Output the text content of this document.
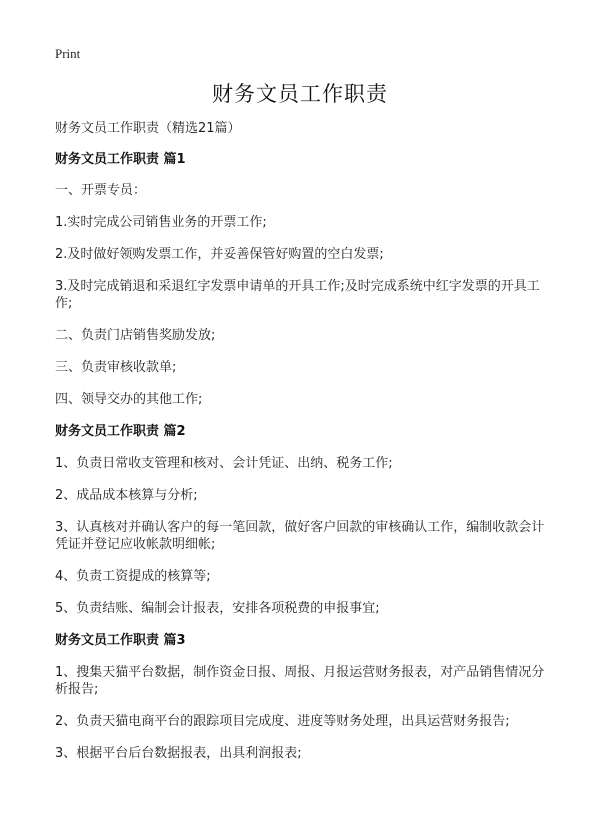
Print
财务文员工作职责

财务文员工作职责（精选21篇）

财务文员工作职责 篇1

一、开票专员：

1.实时完成公司销售业务的开票工作;

2.及时做好领购发票工作，并妥善保管好购置的空白发票;

3.及时完成销退和采退红字发票申请单的开具工作;及时完成系统中红字发票的开具工作;

二、负责门店销售奖励发放;

三、负责审核收款单;

四、领导交办的其他工作;

财务文员工作职责 篇2

1、负责日常收支管理和核对、会计凭证、出纳、税务工作;

2、成品成本核算与分析;

3、认真核对并确认客户的每一笔回款，做好客户回款的审核确认工作，编制收款会计凭证并登记应收帐款明细帐;

4、负责工资提成的核算等;

5、负责结账、编制会计报表，安排各项税费的申报事宜;

财务文员工作职责 篇3

1、搜集天猫平台数据，制作资金日报、周报、月报运营财务报表，对产品销售情况分析报告;

2、负责天猫电商平台的跟踪项目完成度、进度等财务处理，出具运营财务报告;

3、根据平台后台数据报表，出具利润报表;
